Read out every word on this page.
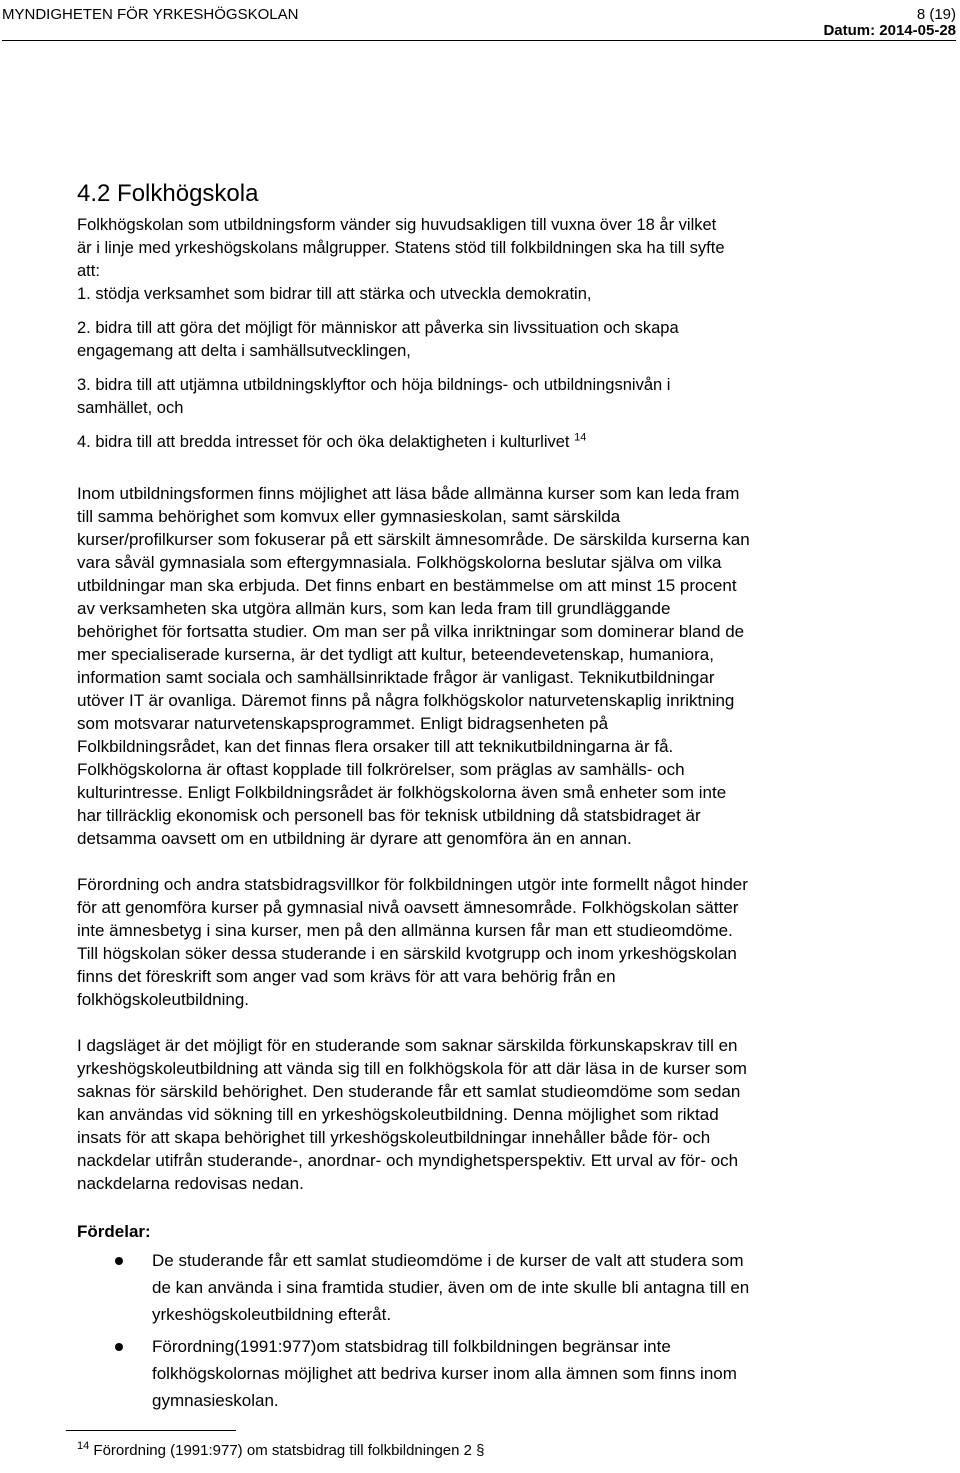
MYNDIGHETEN FÖR YRKESHÖGSKOLAN	8 (19)
Datum: 2014-05-28
4.2 Folkhögskola

Folkhögskolan som utbildningsform vänder sig huvudsakligen till vuxna över 18 år vilket

är i linje med yrkeshögskolans målgrupper. Statens stöd till folkbildningen ska ha till syfte

att:

1. stödja verksamhet som bidrar till att stärka och utveckla demokratin,

2. bidra till att göra det möjligt för människor att påverka sin livssituation och skapa

engagemang att delta i samhällsutvecklingen,

3. bidra till att utjämna utbildningsklyftor och höja bildnings- och utbildningsnivån i

samhället, och

4. bidra till att bredda intresset för och öka delaktigheten i kulturlivet $^{14}$

Inom utbildningsformen finns möjlighet att läsa både allmänna kurser som kan leda fram
till samma behörighet som komvux eller gymnasieskolan, samt särskilda
kurser/profilkurser som fokuserar på ett särskilt ämnesområde. De särskilda kurserna kan
vara såväl gymnasiala som eftergymnasiala. Folkhögskolorna beslutar själva om vilka
utbildningar man ska erbjuda. Det finns enbart en bestämmelse om att minst 15 procent
av verksamheten ska utgöra allmän kurs, som kan leda fram till grundläggande
behörighet för fortsatta studier. Om man ser på vilka inriktningar som dominerar bland de
mer specialiserade kurserna, är det tydligt att kultur, beteendevetenskap, humaniora,
information samt sociala och samhällsinriktade frågor är vanligast. Teknikutbildningar
utöver IT är ovanliga. Däremot finns på några folkhögskolor naturvetenskaplig inriktning
som motsvarar naturvetenskapsprogrammet. Enligt bidragsenheten på
Folkbildningsrådet, kan det finnas flera orsaker till att teknikutbildningarna är få.
Folkhögskolorna är oftast kopplade till folkrörelser, som präglas av samhälls- och
kulturintresse. Enligt Folkbildningsrådet är folkhögskolorna även små enheter som inte
har tillräcklig ekonomisk och personell bas för teknisk utbildning då statsbidraget är
detsamma oavsett om en utbildning är dyrare att genomföra än en annan.
Förordning och andra statsbidragsvillkor för folkbildningen utgör inte formellt något hinder
för att genomföra kurser på gymnasial nivå oavsett ämnesområde. Folkhögskolan sätter
inte ämnesbetyg i sina kurser, men på den allmänna kursen får man ett studieomdöme.
Till högskolan söker dessa studerande i en särskild kvotgrupp och inom yrkeshögskolan
finns det föreskrift som anger vad som krävs för att vara behörig från en
folkhögskoleutbildning.
I dagsläget är det möjligt för en studerande som saknar särskilda förkunskapskrav till en
yrkeshögskoleutbildning att vända sig till en folkhögskola för att där läsa in de kurser som
saknas för särskild behörighet. Den studerande får ett samlat studieomdöme som sedan
kan användas vid sökning till en yrkeshögskoleutbildning. Denna möjlighet som riktad
insats för att skapa behörighet till yrkeshögskoleutbildningar innehåller både för- och
nackdelar utifrån studerande-, anordnar- och myndighetsperspektiv. Ett urval av för- och
nackdelarna redovisas nedan.
Fördelar:
De studerande får ett samlat studieomdöme i de kurser de valt att studera som
de kan använda i sina framtida studier, även om de inte skulle bli antagna till en
yrkeshögskoleutbildning efteråt.
Förordning(1991:977)om statsbidrag till folkbildningen begränsar inte
folkhögskolornas möjlighet att bedriva kurser inom alla ämnen som finns inom
gymnasieskolan.
$^{14}$ Förordning (1991:977) om statsbidrag till folkbildningen 2 §
